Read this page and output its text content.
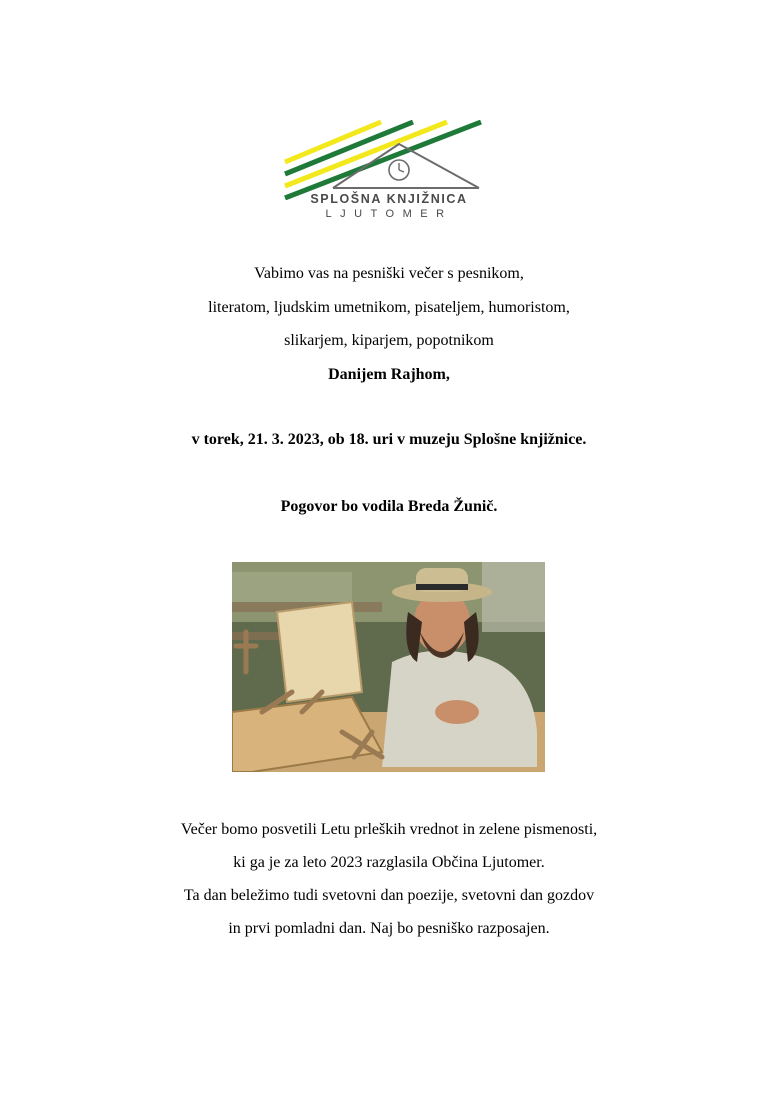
SPLOŠNA KNJIŽNICA
LJUTOMER
Vabimo vas na pesniški večer s pesnikom,
literatom, ljudskim umetnikom, pisateljem, humoristom,
slikarjem, kiparjem, popotnikom
Danijem Rajhom,
v torek, 21. 3. 2023, ob 18. uri v muzeju Splošne knjižnice.
Pogovor bo vodila Breda Žunič.
Večer bomo posvetili Letu prleških vrednot in zelene pismenosti,
ki ga je za leto 2023 razglasila Občina Ljutomer.
Ta dan beležimo tudi svetovni dan poezije, svetovni dan gozdov
in prvi pomladni dan. Naj bo pesniško razposajen.
